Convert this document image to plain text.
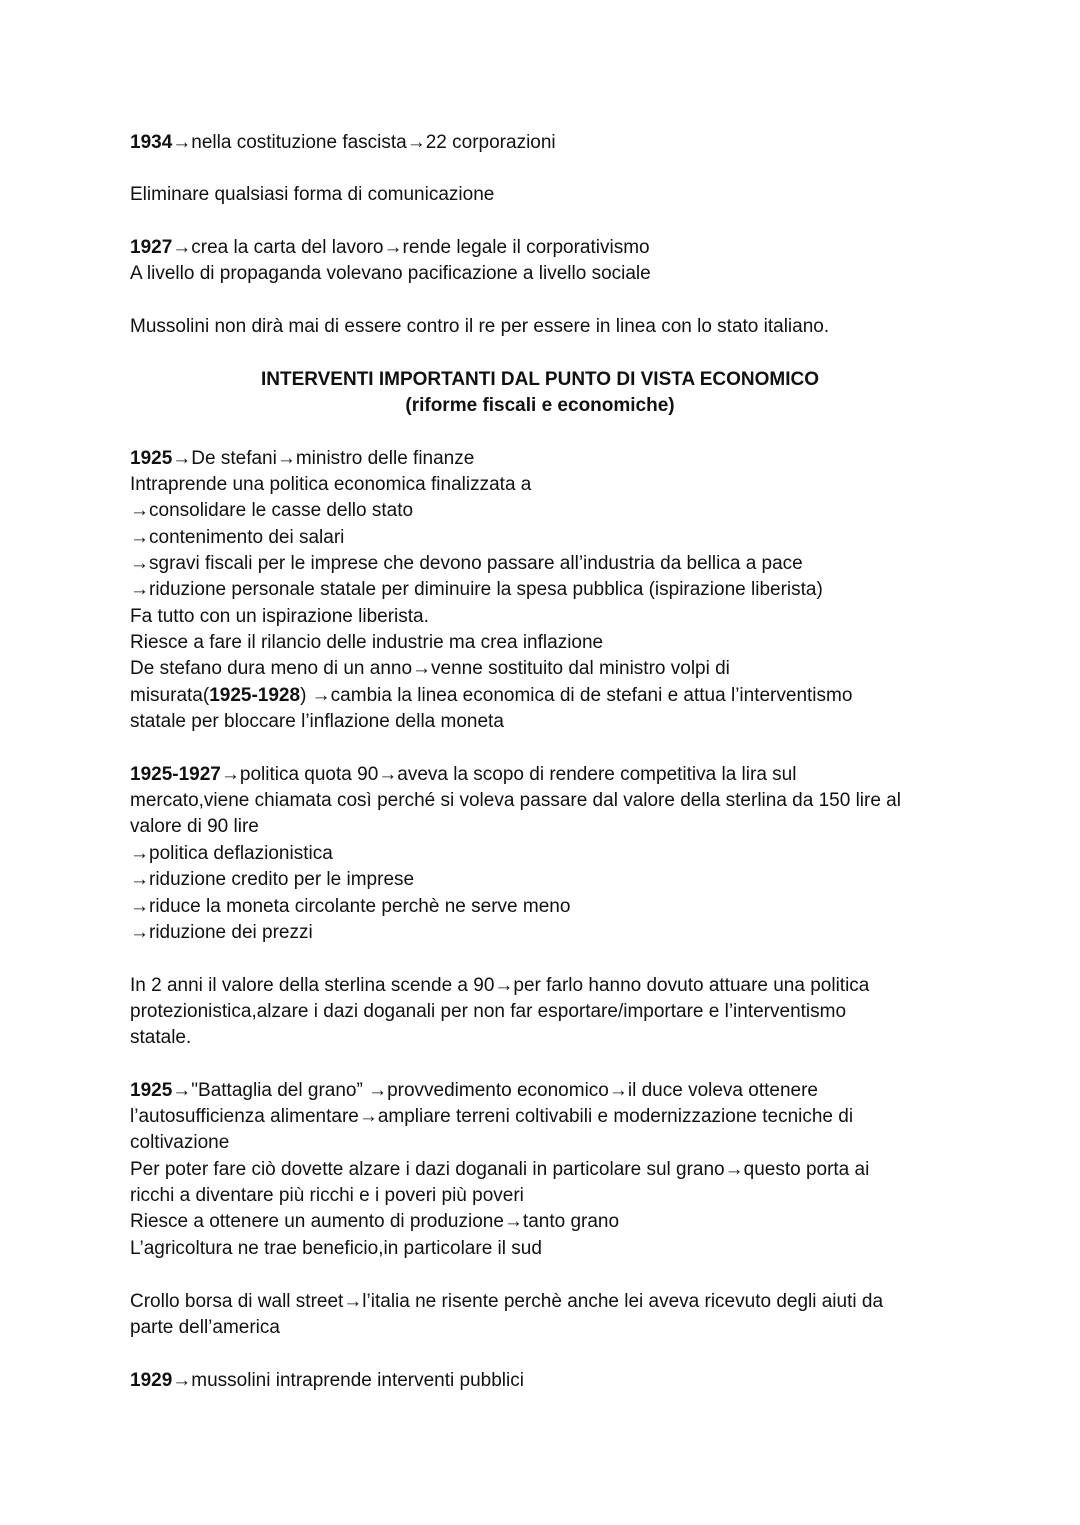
1934→nella costituzione fascista→22 corporazioni
Eliminare qualsiasi forma di comunicazione
1927→crea la carta del lavoro→rende legale il corporativismo
A livello di propaganda volevano pacificazione a livello sociale
Mussolini non dirà mai di essere contro il re per essere in linea con lo stato italiano.
INTERVENTI IMPORTANTI DAL PUNTO DI VISTA ECONOMICO
(riforme fiscali e economiche)
1925→De stefani→ministro delle finanze
Intraprende una politica economica finalizzata a
→consolidare le casse dello stato
→contenimento dei salari
→sgravi fiscali per le imprese che devono passare all’industria da bellica a pace
→riduzione personale statale per diminuire la spesa pubblica (ispirazione liberista)
Fa tutto con un ispirazione liberista.
Riesce a fare il rilancio delle industrie ma crea inflazione
De stefano dura meno di un anno→venne sostituito dal ministro volpi di
misurata(1925-1928) →cambia la linea economica di de stefani e attua l’interventismo
statale per bloccare l’inflazione della moneta
1925-1927→politica quota 90→aveva la scopo di rendere competitiva la lira sul
mercato,viene chiamata così perché si voleva passare dal valore della sterlina da 150 lire al
valore di 90 lire
→politica deflazionistica
→riduzione credito per le imprese
→riduce la moneta circolante perchè ne serve meno
→riduzione dei prezzi
In 2 anni il valore della sterlina scende a 90→per farlo hanno dovuto attuare una politica
protezionistica,alzare i dazi doganali per non far esportare/importare e l’interventismo
statale.
1925→"Battaglia del grano” →provvedimento economico→il duce voleva ottenere
l’autosufficienza alimentare→ampliare terreni coltivabili e modernizzazione tecniche di
coltivazione
Per poter fare ciò dovette alzare i dazi doganali in particolare sul grano→questo porta ai
ricchi a diventare più ricchi e i poveri più poveri
Riesce a ottenere un aumento di produzione→tanto grano
L’agricoltura ne trae beneficio,in particolare il sud
Crollo borsa di wall street→l’italia ne risente perchè anche lei aveva ricevuto degli aiuti da
parte dell’america
1929→mussolini intraprende interventi pubblici
